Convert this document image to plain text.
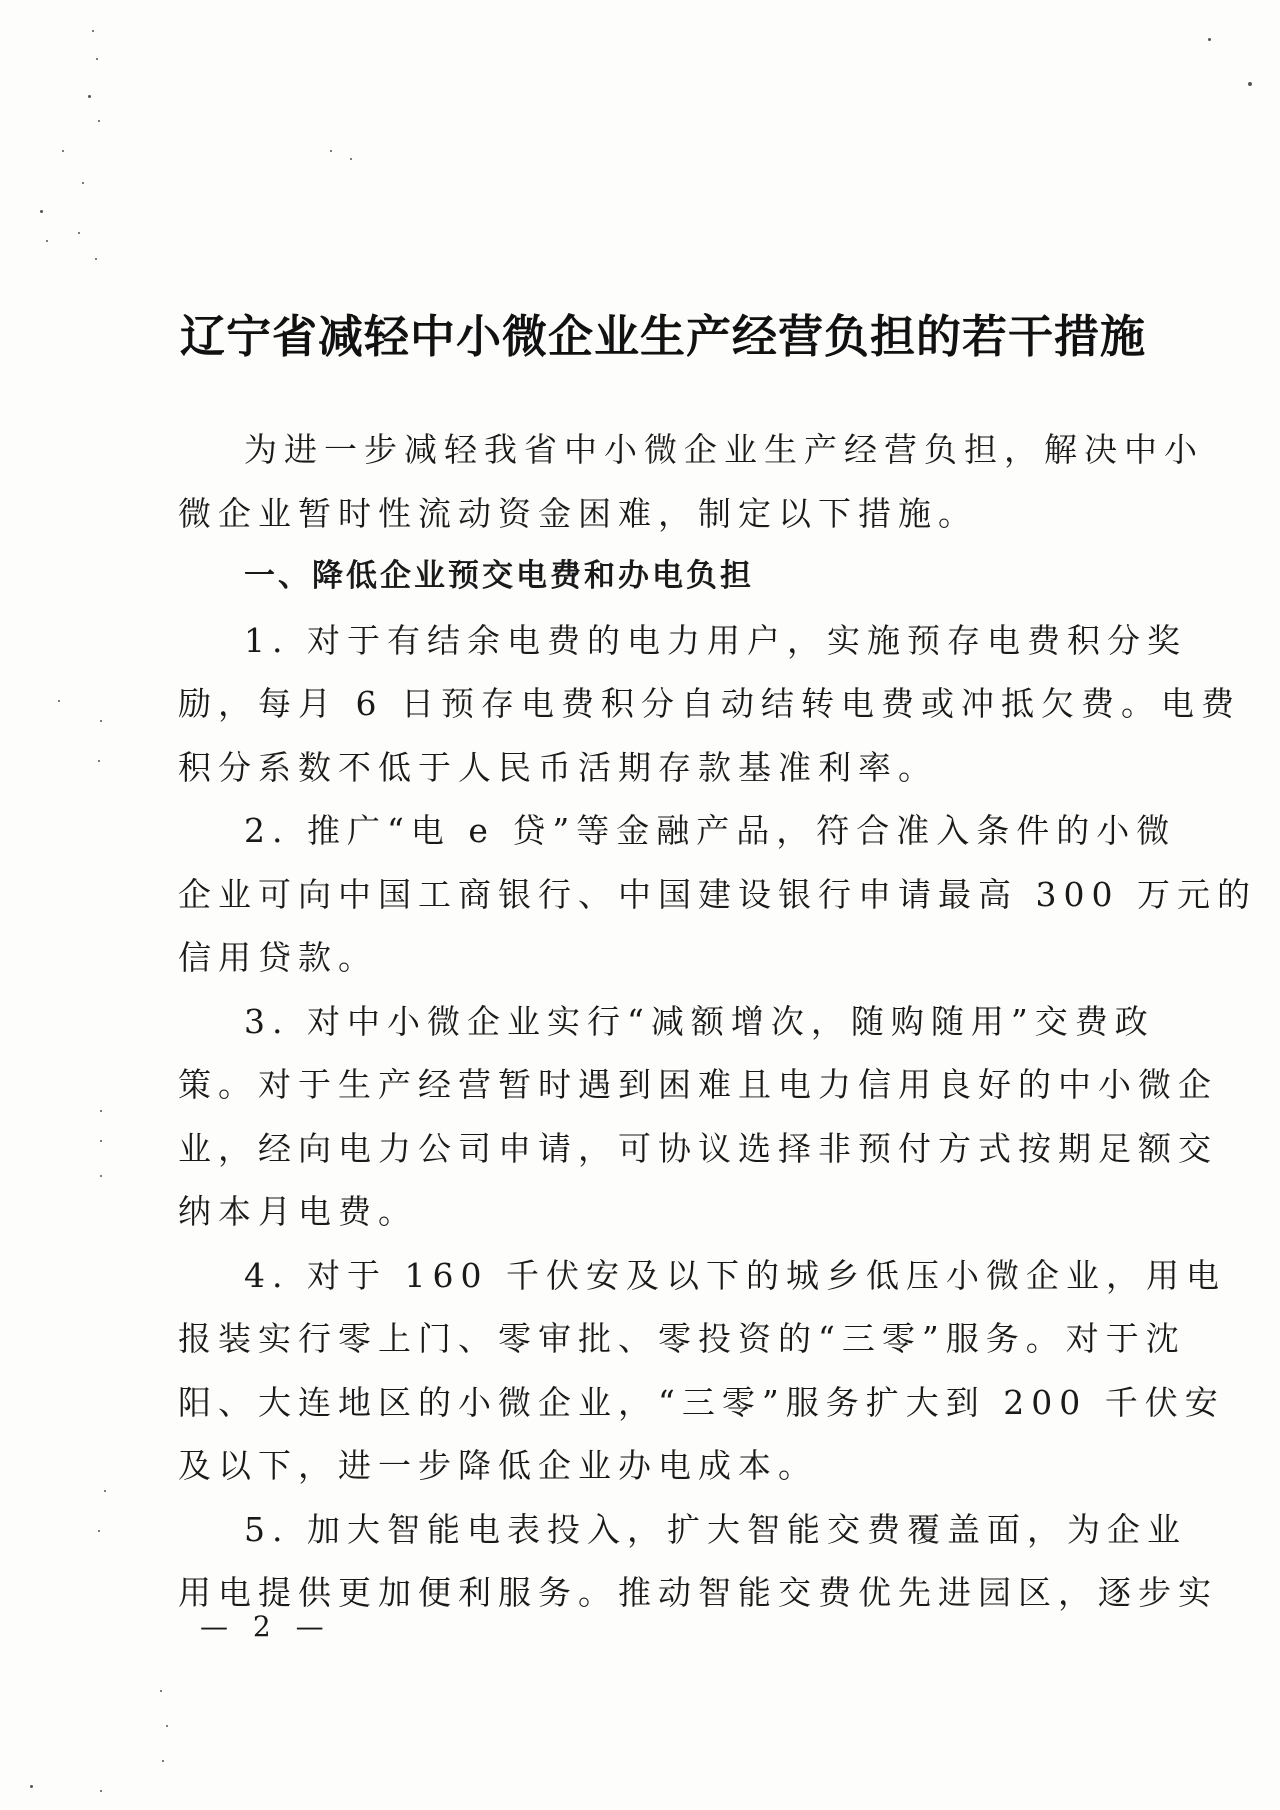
辽宁省减轻中小微企业生产经营负担的若干措施
为进一步减轻我省中小微企业生产经营负担，解决中小
微企业暂时性流动资金困难，制定以下措施。
一、降低企业预交电费和办电负担
1. 对于有结余电费的电力用户，实施预存电费积分奖
励，每月 6 日预存电费积分自动结转电费或冲抵欠费。电费
积分系数不低于人民币活期存款基准利率。
2. 推广“电 e 贷”等金融产品，符合准入条件的小微
企业可向中国工商银行、中国建设银行申请最高 300 万元的
信用贷款。
3. 对中小微企业实行“减额增次，随购随用”交费政
策。对于生产经营暂时遇到困难且电力信用良好的中小微企
业，经向电力公司申请，可协议选择非预付方式按期足额交
纳本月电费。
4. 对于 160 千伏安及以下的城乡低压小微企业，用电
报装实行零上门、零审批、零投资的“三零”服务。对于沈
阳、大连地区的小微企业，“三零”服务扩大到 200 千伏安
及以下，进一步降低企业办电成本。
5. 加大智能电表投入，扩大智能交费覆盖面，为企业
用电提供更加便利服务。推动智能交费优先进园区，逐步实
— 2 —
